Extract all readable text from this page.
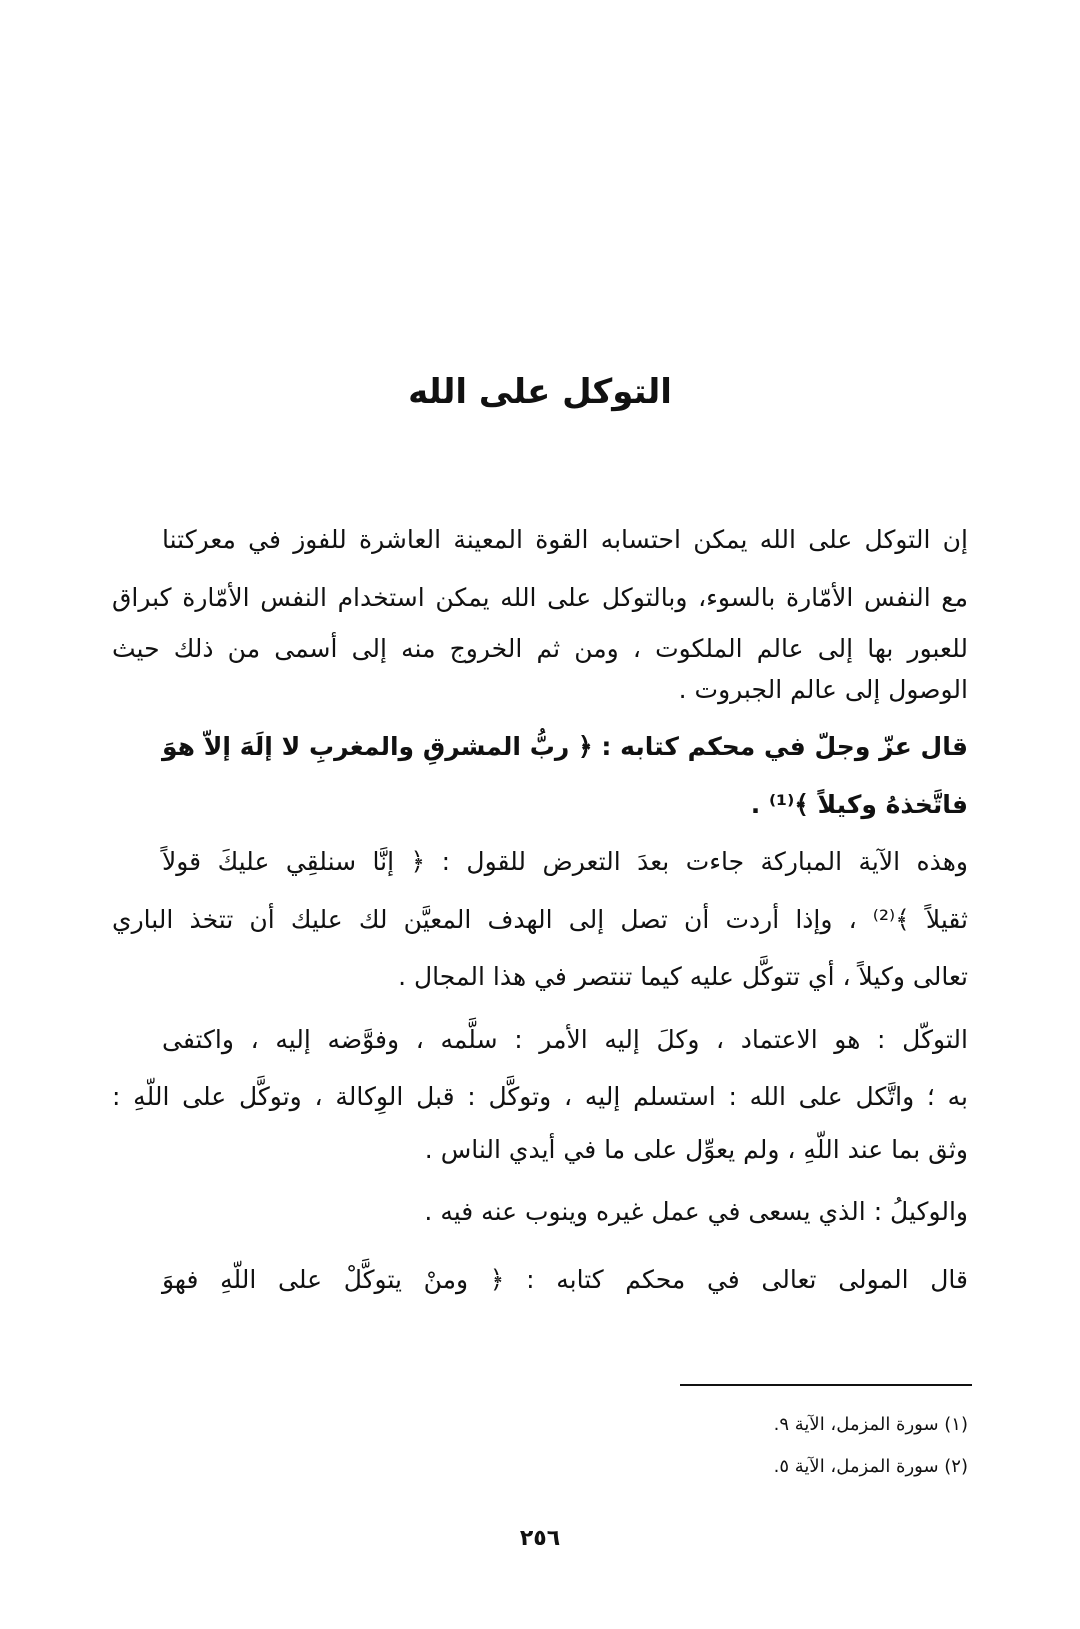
التوكل على الله
إن التوكل على الله يمكن احتسابه القوة المعينة العاشرة للفوز في معركتنا
مع النفس الأمّارة بالسوء، وبالتوكل على الله يمكن استخدام النفس الأمّارة كبراق
للعبور بها إلى عالم الملكوت ، ومن ثم الخروج منه إلى أسمى من ذلك حيث
الوصول إلى عالم الجبروت .
قال عزّ وجلّ في محكم كتابه : ﴿ ربُّ المشرقِ والمغربِ لا إلَهَ إلاّ هوَ
فاتَّخذهُ وكيلاً ﴾⁽¹⁾ .
وهذه الآية المباركة جاءت بعدَ التعرض للقول : ﴿ إنَّا سنلقِي عليكَ قولاً
ثقيلاً ﴾⁽²⁾ ، وإذا أردت أن تصل إلى الهدف المعيَّن لك عليك أن تتخذ الباري
تعالى وكيلاً ، أي تتوكَّل عليه كيما تنتصر في هذا المجال .
التوكّل : هو الاعتماد ، وكلَ إليه الأمر : سلَّمه ، وفوَّضه إليه ، واكتفى
به ؛ واتَّكل على الله : استسلم إليه ، وتوكَّل : قبل الوِكالة ، وتوكَّل على اللّهِ :
وثق بما عند اللّهِ ، ولم يعوِّل على ما في أيدي الناس .
والوكيلُ : الذي يسعى في عمل غيره وينوب عنه فيه .
قال المولى تعالى في محكم كتابه : ﴿ ومنْ يتوكَّلْ على اللّهِ فهوَ
(١) سورة المزمل، الآية ٩.
(٢) سورة المزمل، الآية ٥.
٢٥٦
